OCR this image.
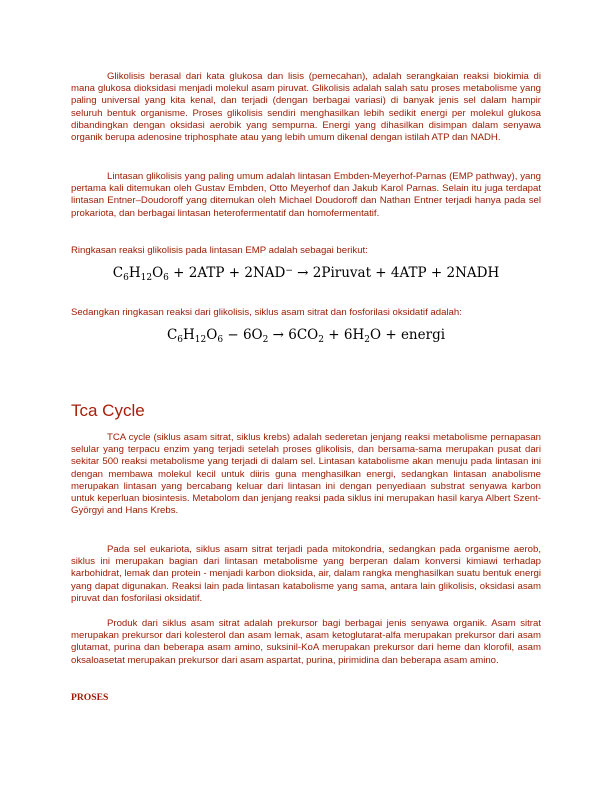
Glikolisis berasal dari kata glukosa dan lisis (pemecahan), adalah serangkaian reaksi biokimia di mana glukosa dioksidasi menjadi molekul asam piruvat. Glikolisis adalah salah satu proses metabolisme yang paling universal yang kita kenal, dan terjadi (dengan berbagai variasi) di banyak jenis sel dalam hampir seluruh bentuk organisme. Proses glikolisis sendiri menghasilkan lebih sedikit energi per molekul glukosa dibandingkan dengan oksidasi aerobik yang sempurna. Energi yang dihasilkan disimpan dalam senyawa organik berupa adenosine triphosphate atau yang lebih umum dikenal dengan istilah ATP dan NADH.

Lintasan glikolisis yang paling umum adalah lintasan Embden-Meyerhof-Parnas (EMP pathway), yang pertama kali ditemukan oleh Gustav Embden, Otto Meyerhof dan Jakub Karol Parnas. Selain itu juga terdapat lintasan Entner–Doudoroff yang ditemukan oleh Michael Doudoroff dan Nathan Entner terjadi hanya pada sel prokariota, dan berbagai lintasan heterofermentatif dan homofermentatif.

Ringkasan reaksi glikolisis pada lintasan EMP adalah sebagai berikut:

$C_6H_{12}O_6 + 2ATP + 2NAD^-$ → 2Piruvat + 4ATP + 2NADH

Sedangkan ringkasan reaksi dari glikolisis, siklus asam sitrat dan fosforilasi oksidatif adalah:

$C_6H_{12}O_6 - 6O_2 \to 6CO_2 + 6H_2O$ + energi

Tca Cycle

TCA cycle (siklus asam sitrat, siklus krebs) adalah sederetan jenjang reaksi metabolisme pernapasan selular yang terpacu enzim yang terjadi setelah proses glikolisis, dan bersama-sama merupakan pusat dari sekitar 500 reaksi metabolisme yang terjadi di dalam sel. Lintasan katabolisme akan menuju pada lintasan ini dengan membawa molekul kecil untuk diiris guna menghasilkan energi, sedangkan lintasan anabolisme merupakan lintasan yang bercabang keluar dari lintasan ini dengan penyediaan substrat senyawa karbon untuk keperluan biosintesis. Metabolom dan jenjang reaksi pada siklus ini merupakan hasil karya Albert Szent-Györgyi and Hans Krebs.

Pada sel eukariota, siklus asam sitrat terjadi pada mitokondria, sedangkan pada organisme aerob, siklus ini merupakan bagian dari lintasan metabolisme yang berperan dalam konversi kimiawi terhadap karbohidrat, lemak dan protein - menjadi karbon dioksida, air, dalam rangka menghasilkan suatu bentuk energi yang dapat digunakan. Reaksi lain pada lintasan katabolisme yang sama, antara lain glikolisis, oksidasi asam piruvat dan fosforilasi oksidatif.

Produk dari siklus asam sitrat adalah prekursor bagi berbagai jenis senyawa organik. Asam sitrat merupakan prekursor dari kolesterol dan asam lemak, asam ketoglutarat-alfa merupakan prekursor dari asam glutamat, purina dan beberapa asam amino, suksinil-KoA merupakan prekursor dari heme dan klorofil, asam oksaloasetat merupakan prekursor dari asam aspartat, purina, pirimidina dan beberapa asam amino.

PROSES
